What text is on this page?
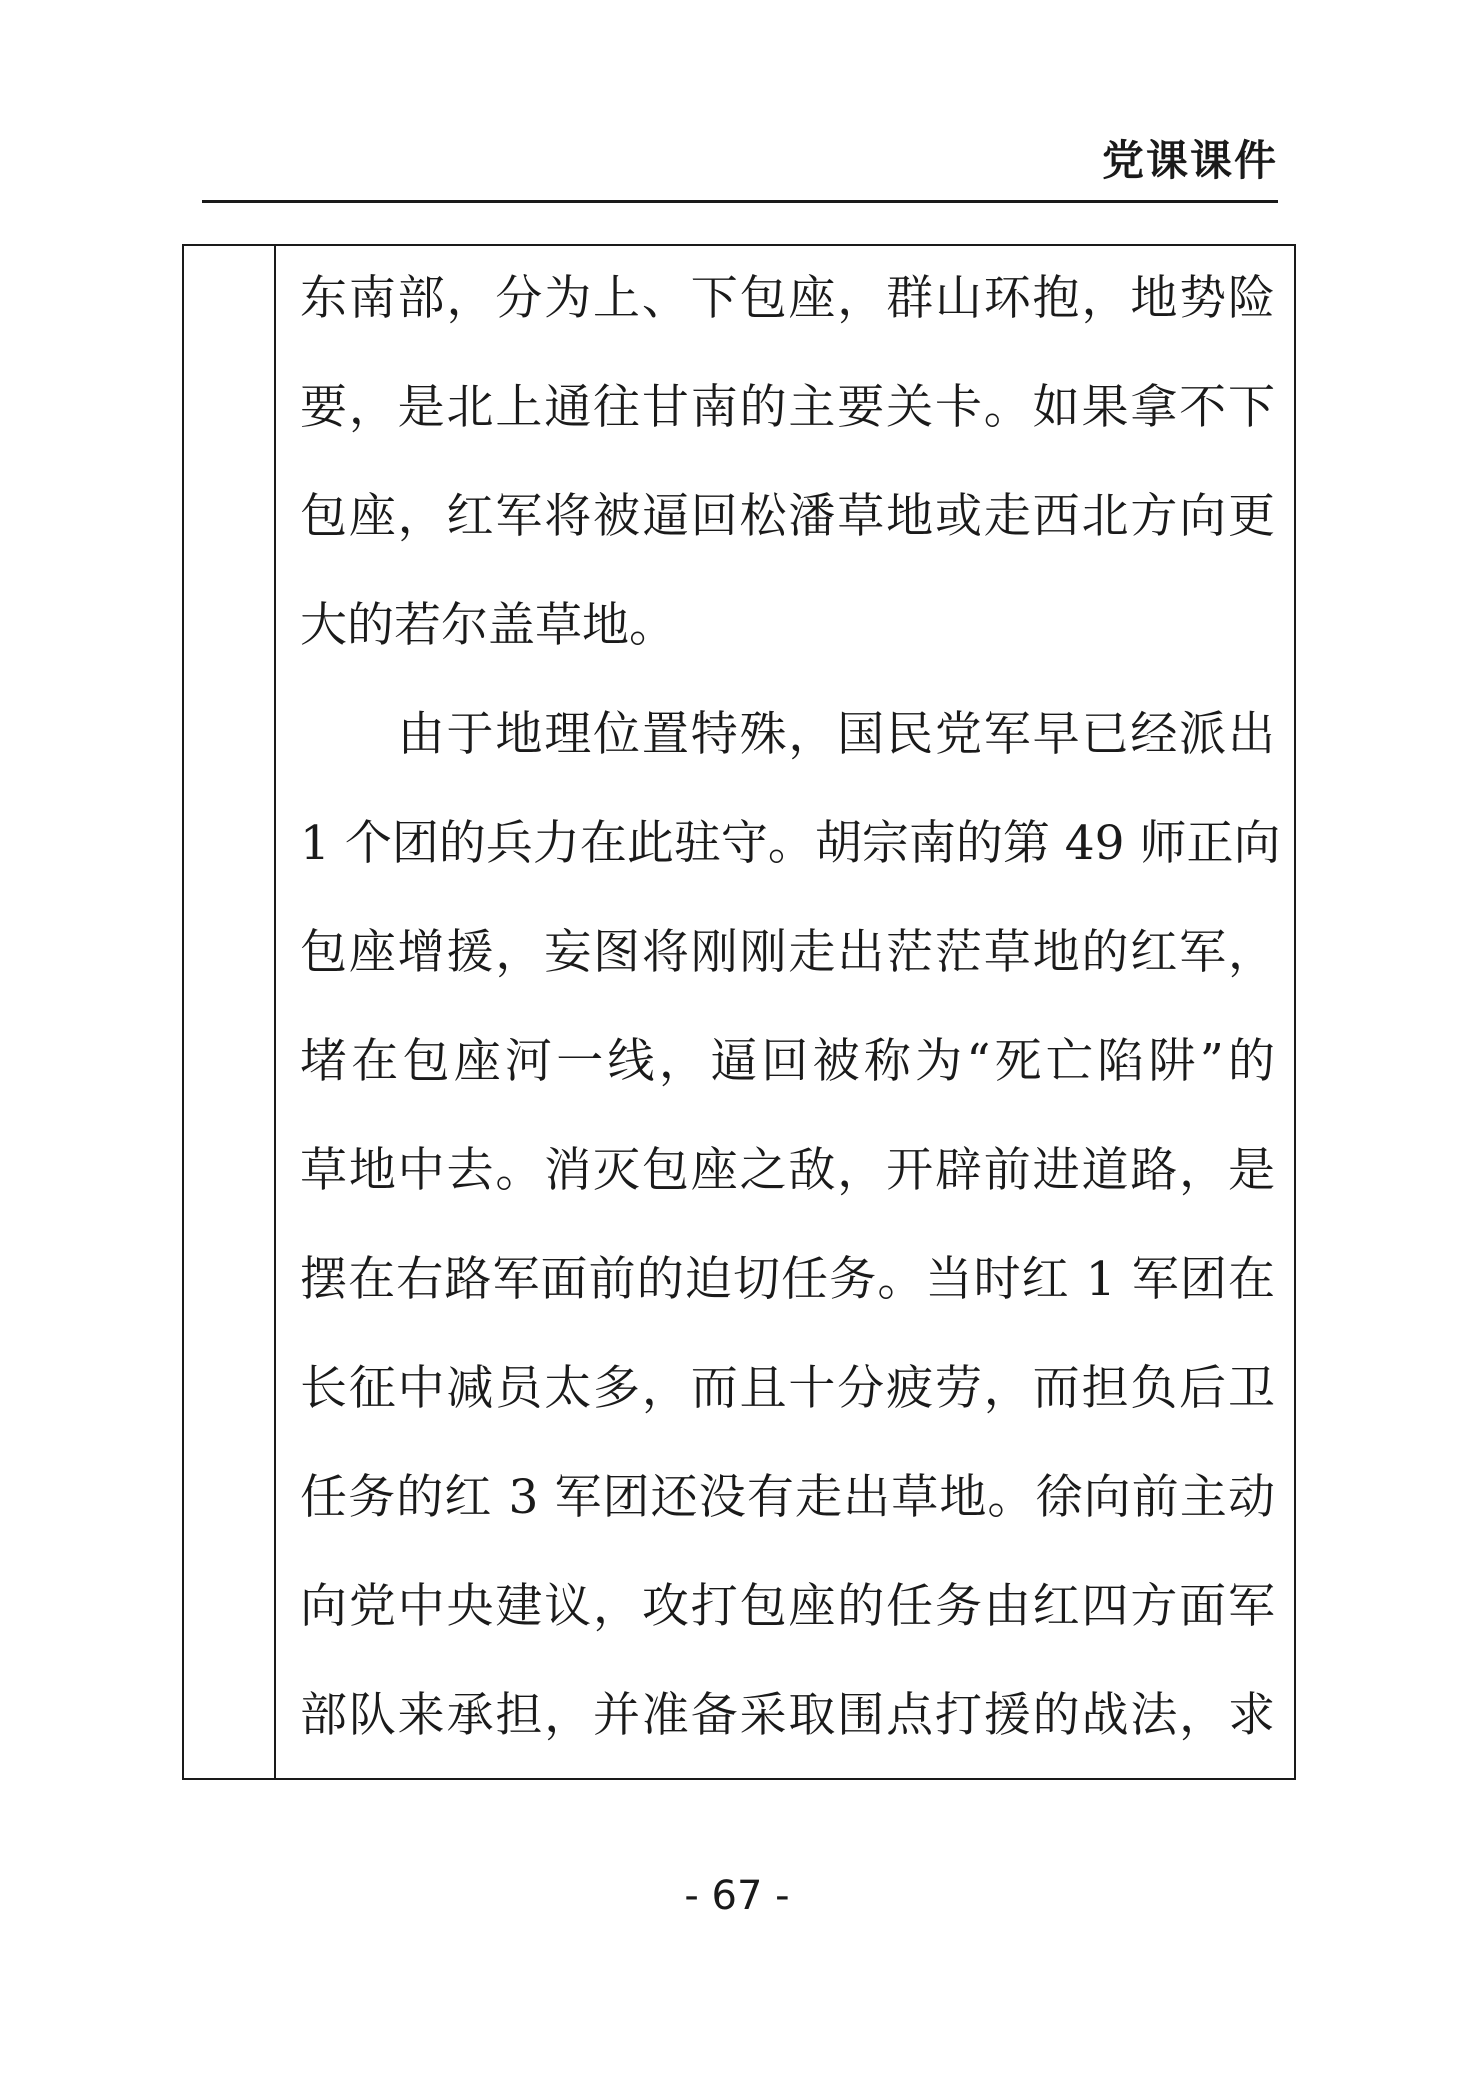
党课课件
东南部，分为上、下包座，群山环抱，地势险
要，是北上通往甘南的主要关卡。如果拿不下
包座，红军将被逼回松潘草地或走西北方向更
大的若尔盖草地。
　　由于地理位置特殊，国民党军早已经派出
1 个团的兵力在此驻守。胡宗南的第 49 师正向
包座增援，妄图将刚刚走出茫茫草地的红军，
堵在包座河一线，逼回被称为“死亡陷阱”的
草地中去。消灭包座之敌，开辟前进道路，是
摆在右路军面前的迫切任务。当时红 1 军团在
长征中减员太多，而且十分疲劳，而担负后卫
任务的红 3 军团还没有走出草地。徐向前主动
向党中央建议，攻打包座的任务由红四方面军
部队来承担，并准备采取围点打援的战法，求
- 67 -
